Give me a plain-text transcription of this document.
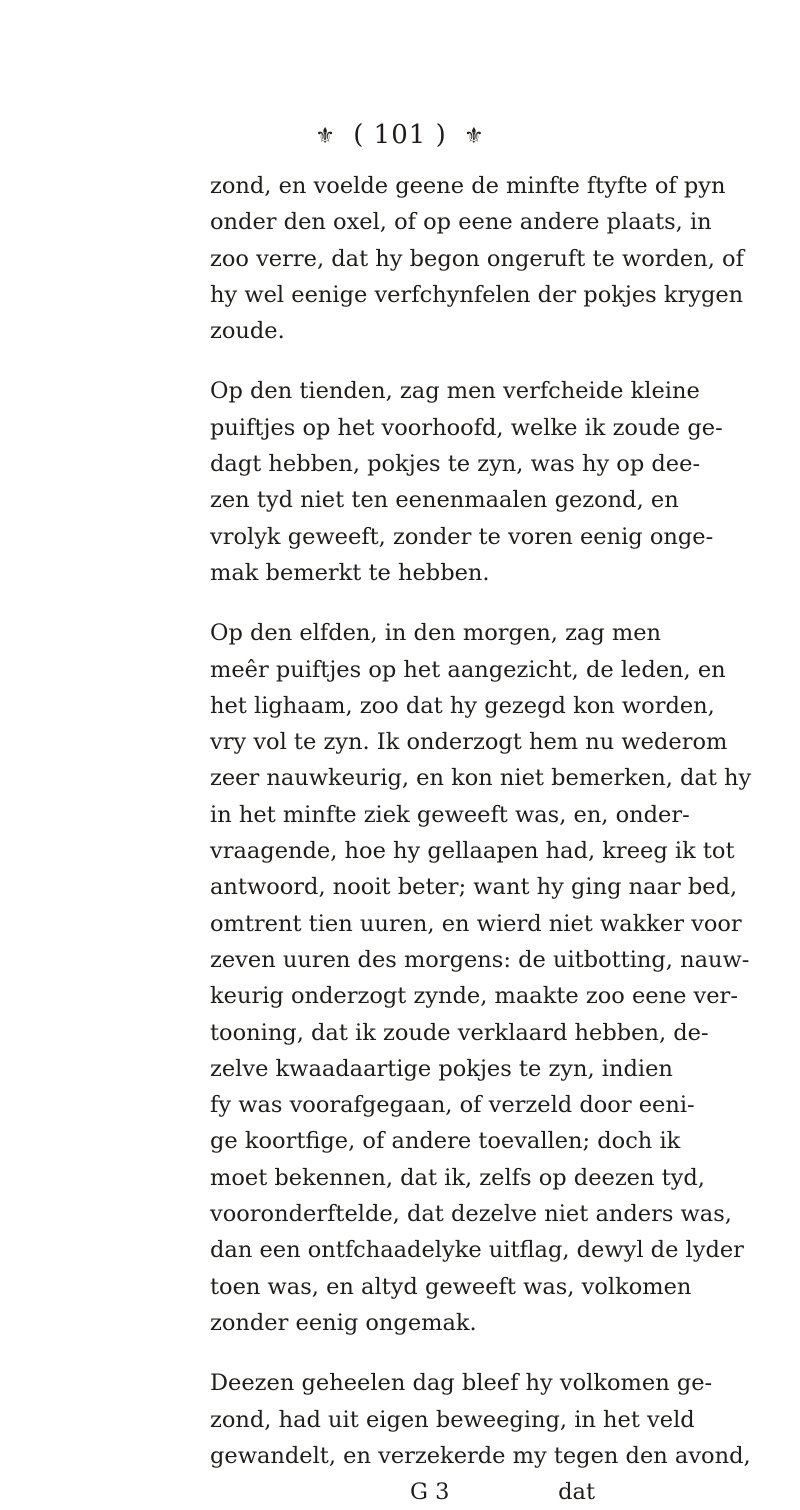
⚜ ( 101 ) ⚜
zond, en voelde geene de minfte ftyfte of pyn
onder den oxel, of op eene andere plaats, in
zoo verre, dat hy begon ongeruft te worden, of
hy wel eenige verfchynfelen der pokjes krygen
zoude.
Op den tienden, zag men verfcheide kleine
puiftjes op het voorhoofd, welke ik zoude ge-
dagt hebben, pokjes te zyn, was hy op dee-
zen tyd niet ten eenenmaalen gezond, en
vrolyk geweeft, zonder te voren eenig onge-
mak bemerkt te hebben.
Op den elfden, in den morgen, zag men
meêr puiftjes op het aangezicht, de leden, en
het lighaam, zoo dat hy gezegd kon worden,
vry vol te zyn. Ik onderzogt hem nu wederom
zeer nauwkeurig, en kon niet bemerken, dat hy
in het minfte ziek geweeft was, en, onder-
vraagende, hoe hy gellaapen had, kreeg ik tot
antwoord, nooit beter; want hy ging naar bed,
omtrent tien uuren, en wierd niet wakker voor
zeven uuren des morgens: de uitbotting, nauw-
keurig onderzogt zynde, maakte zoo eene ver-
tooning, dat ik zoude verklaard hebben, de-
zelve kwaadaartige pokjes te zyn, indien
fy was voorafgegaan, of verzeld door eeni-
ge koortfige, of andere toevallen; doch ik
moet bekennen, dat ik, zelfs op deezen tyd,
vooronderftelde, dat dezelve niet anders was,
dan een ontfchaadelyke uitflag, dewyl de lyder
toen was, en altyd geweeft was, volkomen
zonder eenig ongemak.
Deezen geheelen dag bleef hy volkomen ge-
zond, had uit eigen beweeging, in het veld
gewandelt, en verzekerde my tegen den avond,
G 3	dat
